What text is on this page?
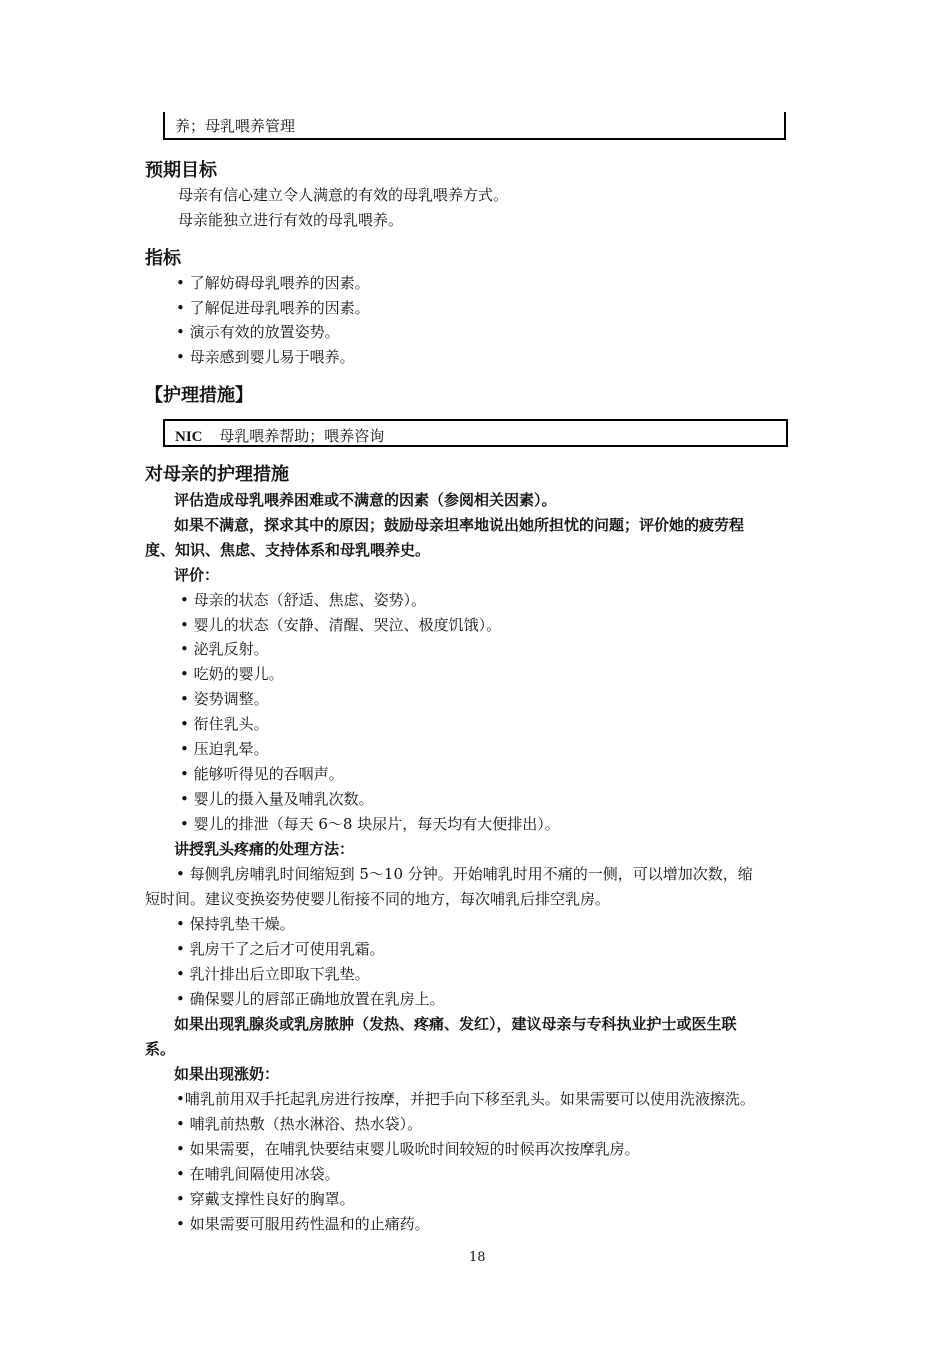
养；母乳喂养管理
预期目标
母亲有信心建立令人满意的有效的母乳喂养方式。
母亲能独立进行有效的母乳喂养。
指标
• 了解妨碍母乳喂养的因素。
• 了解促进母乳喂养的因素。
• 演示有效的放置姿势。
• 母亲感到婴儿易于喂养。
【护理措施】
NIC 母乳喂养帮助；喂养咨询
对母亲的护理措施
评估造成母乳喂养困难或不满意的因素（参阅相关因素）。
如果不满意，探求其中的原因；鼓励母亲坦率地说出她所担忧的问题；评价她的疲劳程
度、知识、焦虑、支持体系和母乳喂养史。
评价：
• 母亲的状态（舒适、焦虑、姿势）。
• 婴儿的状态（安静、清醒、哭泣、极度饥饿）。
• 泌乳反射。
• 吃奶的婴儿。
• 姿势调整。
• 衔住乳头。
• 压迫乳晕。
• 能够听得见的吞咽声。
• 婴儿的摄入量及哺乳次数。
• 婴儿的排泄（每天 6～8 块尿片，每天均有大便排出）。
讲授乳头疼痛的处理方法：
• 每侧乳房哺乳时间缩短到 5～10 分钟。开始哺乳时用不痛的一侧，可以增加次数，缩
短时间。建议变换姿势使婴儿衔接不同的地方，每次哺乳后排空乳房。
• 保持乳垫干燥。
• 乳房干了之后才可使用乳霜。
• 乳汁排出后立即取下乳垫。
• 确保婴儿的唇部正确地放置在乳房上。
如果出现乳腺炎或乳房脓肿（发热、疼痛、发红），建议母亲与专科执业护士或医生联
系。
如果出现涨奶：
•哺乳前用双手托起乳房进行按摩，并把手向下移至乳头。如果需要可以使用洗液擦洗。
• 哺乳前热敷（热水淋浴、热水袋）。
• 如果需要，在哺乳快要结束婴儿吸吮时间较短的时候再次按摩乳房。
• 在哺乳间隔使用冰袋。
• 穿戴支撑性良好的胸罩。
• 如果需要可服用药性温和的止痛药。
18
